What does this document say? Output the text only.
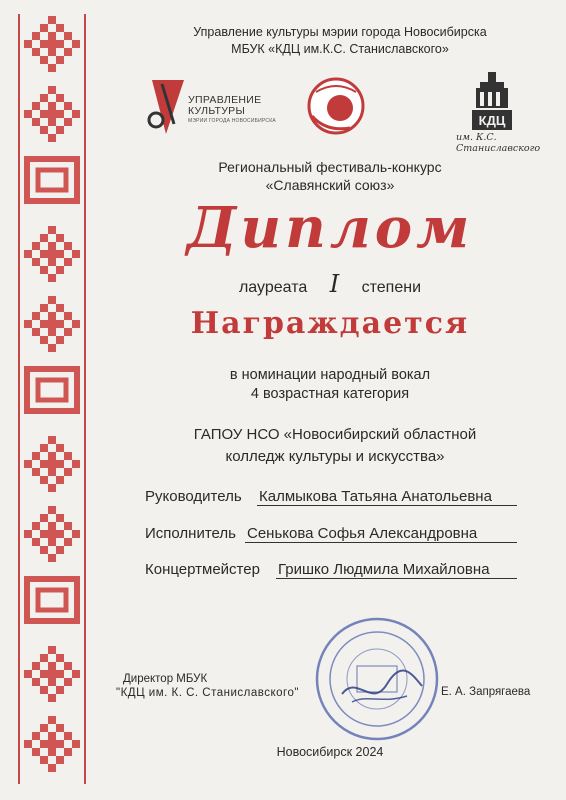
Управление культуры мэрии города Новосибирска
МБУК «КДЦ им.К.С. Станиславского»
УПРАВЛЕНИЕ
КУЛЬТУРЫ
МЭРИИ ГОРОДА НОВОСИБИРСКА	КДЦ
им. К.С. Станиславского
Региональный фестиваль-конкурс
«Славянский союз»
Диплом
лауреата I степени
Награждается
в номинации народный вокал
4 возрастная категория
ГАПОУ НСО «Новосибирский областной
колледж культуры и искусства»
Руководитель Калмыкова Татьяна Анатольевна
Исполнитель Сенькова Софья Александровна
Концертмейстер Гришко Людмила Михайловна
Директор МБУК
"КДЦ им. К. С. Станиславского"	Е. А. Запрягаева
Новосибирск 2024
